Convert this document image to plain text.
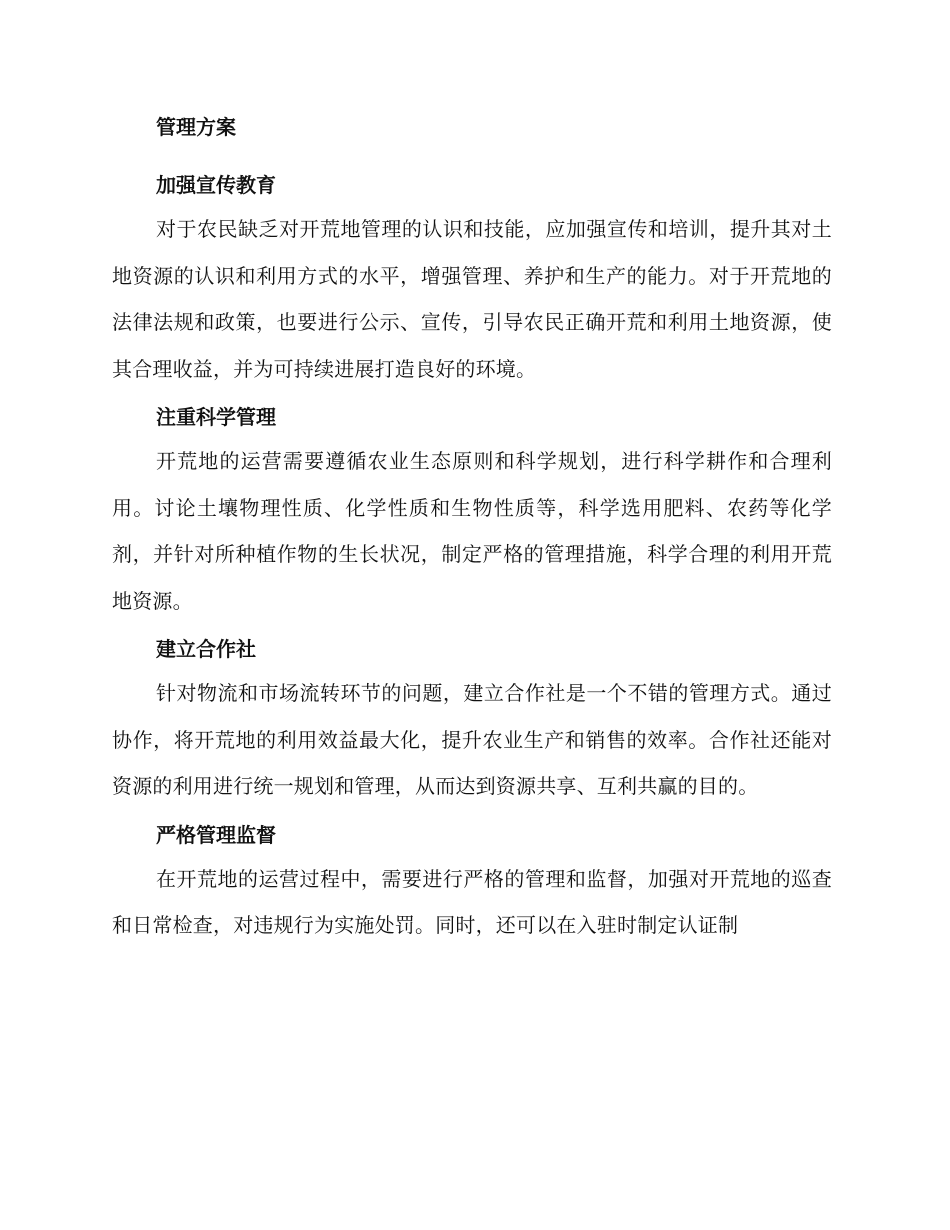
管理方案
加强宣传教育

对于农民缺乏对开荒地管理的认识和技能，应加强宣传和培训，提升其对土地资源的认识和利用方式的水平，增强管理、养护和生产的能力。对于开荒地的法律法规和政策，也要进行公示、宣传，引导农民正确开荒和利用土地资源，使其合理收益，并为可持续进展打造良好的环境。

注重科学管理

开荒地的运营需要遵循农业生态原则和科学规划，进行科学耕作和合理利用。讨论土壤物理性质、化学性质和生物性质等，科学选用肥料、农药等化学剂，并针对所种植作物的生长状况，制定严格的管理措施，科学合理的利用开荒地资源。

建立合作社

针对物流和市场流转环节的问题，建立合作社是一个不错的管理方式。通过协作，将开荒地的利用效益最大化，提升农业生产和销售的效率。合作社还能对资源的利用进行统一规划和管理，从而达到资源共享、互利共赢的目的。

严格管理监督

在开荒地的运营过程中，需要进行严格的管理和监督，加强对开荒地的巡查和日常检查，对违规行为实施处罚。同时，还可以在入驻时制定认证制
